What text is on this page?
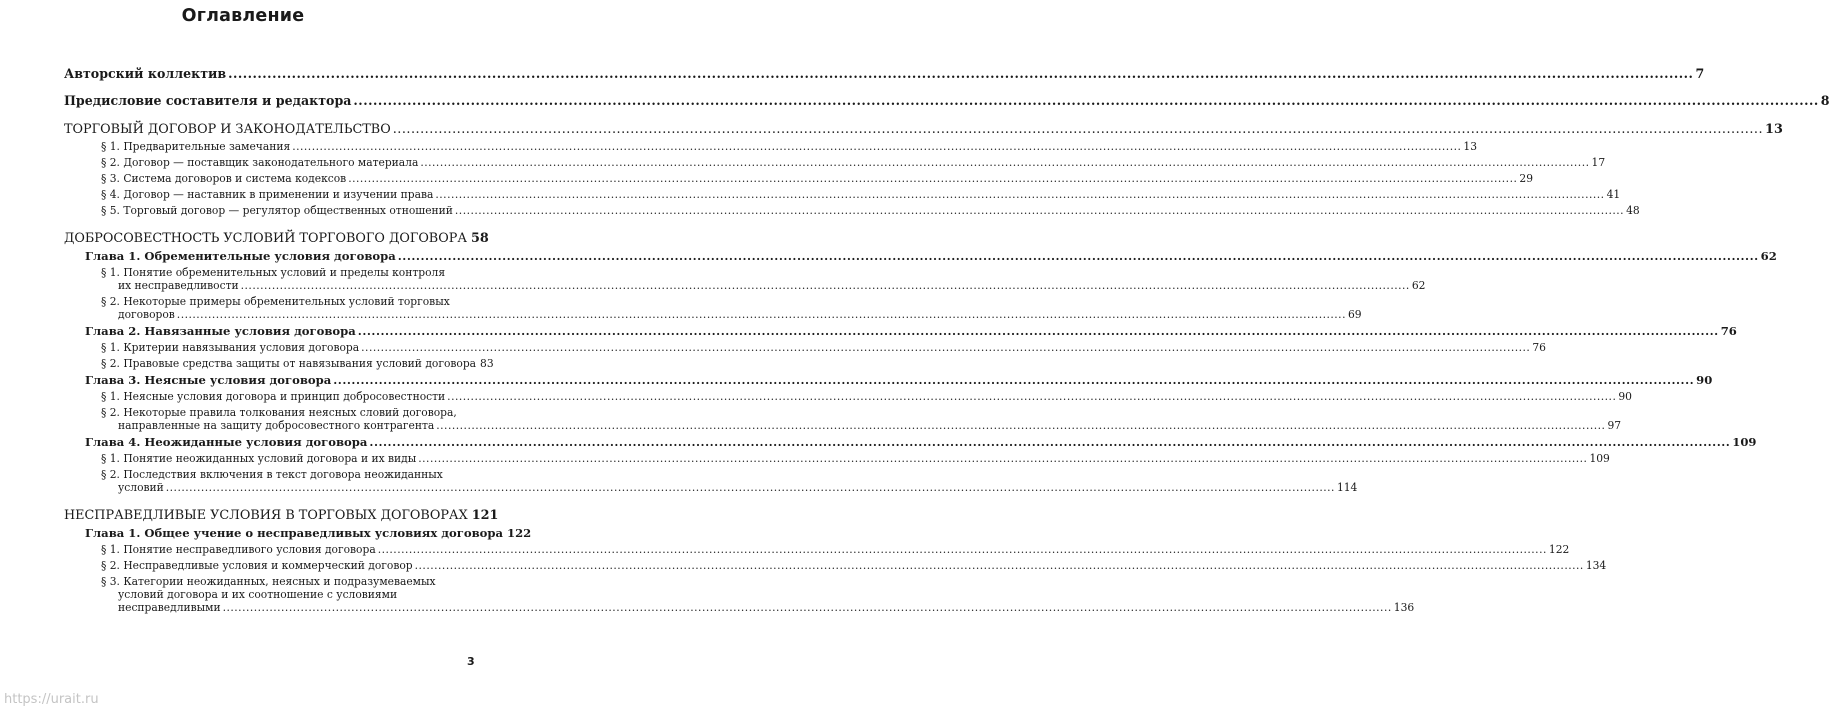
Оглавление
Авторский коллектив ............................................................................................................................................................................................................................................................................................................ 7
Предисловие составителя и редактора ............................................................................................................................................................................................................................................................................................................ 8
ТОРГОВЫЙ ДОГОВОР И ЗАКОНОДАТЕЛЬСТВО ............................................................................................................................................................................................................................................................................................................ 13
§ 1. Предварительные замечания ............................................................................................................................................................................................................................................................................................................ 13
§ 2. Договор — поставщик законодательного материала ............................................................................................................................................................................................................................................................................................................ 17
§ 3. Система договоров и система кодексов ............................................................................................................................................................................................................................................................................................................ 29
§ 4. Договор — наставник в применении и изучении права ............................................................................................................................................................................................................................................................................................................ 41
§ 5. Торговый договор — регулятор общественных отношений ............................................................................................................................................................................................................................................................................................................ 48
ДОБРОСОВЕСТНОСТЬ УСЛОВИЙ ТОРГОВОГО ДОГОВОРА 58
Глава 1. Обременительные условия договора ............................................................................................................................................................................................................................................................................................................ 62
§ 1. Понятие обременительных условий и пределы контроля
их несправедливости ............................................................................................................................................................................................................................................................................................................ 62
§ 2. Некоторые примеры обременительных условий торговых
договоров ............................................................................................................................................................................................................................................................................................................ 69
Глава 2. Навязанные условия договора ............................................................................................................................................................................................................................................................................................................ 76
§ 1. Критерии навязывания условия договора ............................................................................................................................................................................................................................................................................................................ 76
§ 2. Правовые средства защиты от навязывания условий договора 83
Глава 3. Неясные условия договора ............................................................................................................................................................................................................................................................................................................ 90
§ 1. Неясные условия договора и принцип добросовестности ............................................................................................................................................................................................................................................................................................................ 90
§ 2. Некоторые правила толкования неясных словий договора,
направленные на защиту добросовестного контрагента ............................................................................................................................................................................................................................................................................................................ 97
Глава 4. Неожиданные условия договора ............................................................................................................................................................................................................................................................................................................ 109
§ 1. Понятие неожиданных условий договора и их виды ............................................................................................................................................................................................................................................................................................................ 109
§ 2. Последствия включения в текст договора неожиданных
условий ............................................................................................................................................................................................................................................................................................................ 114
НЕСПРАВЕДЛИВЫЕ УСЛОВИЯ В ТОРГОВЫХ ДОГОВОРАХ 121
Глава 1. Общее учение о несправедливых условиях договора 122
§ 1. Понятие несправедливого условия договора ............................................................................................................................................................................................................................................................................................................ 122
§ 2. Несправедливые условия и коммерческий договор ............................................................................................................................................................................................................................................................................................................ 134
§ 3. Категории неожиданных, неясных и подразумеваемых
условий договора и их соотношение с условиями
несправедливыми ............................................................................................................................................................................................................................................................................................................ 136
3
https://urait.ru
